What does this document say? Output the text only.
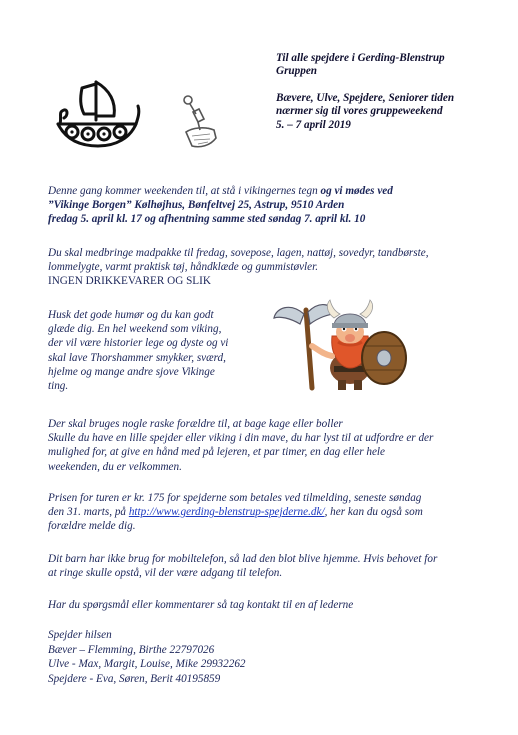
Til alle spejdere i Gerding-Blenstrup
Gruppen

Bævere, Ulve, Spejdere, Seniorer tiden
nærmer sig til vores gruppeweekend
5. – 7 april 2019

Denne gang kommer weekenden til, at stå i vikingernes tegn og vi mødes ved

”Vikinge Borgen” Kølhøjhus, Bønfeltvej 25, Astrup, 9510 Arden

fredag 5. april kl. 17 og afhentning samme sted søndag 7. april kl. 10

Du skal medbringe madpakke til fredag, sovepose, lagen, nattøj, sovedyr, tandbørste,

lommelygte, varmt praktisk tøj, håndklæde og gummistøvler.

INGEN DRIKKEVARER OG SLIK

Husk det gode humør og du kan godt

glæde dig. En hel weekend som viking,

der vil være historier lege og dyste og vi

skal lave Thorshammer smykker, sværd,

hjelme og mange andre sjove Vikinge

ting.

Der skal bruges nogle raske forældre til, at bage kage eller boller

Skulle du have en lille spejder eller viking i din mave, du har lyst til at udfordre er der

mulighed for, at give en hånd med på lejeren, et par timer, en dag eller hele

weekenden, du er velkommen.

Prisen for turen er kr. 175 for spejderne som betales ved tilmelding, seneste søndag

den 31. marts, på http://www.gerding-blenstrup-spejderne.dk/, her kan du også som

forældre melde dig.

Dit barn har ikke brug for mobiltelefon, så lad den blot blive hjemme. Hvis behovet for

at ringe skulle opstå, vil der være adgang til telefon.

Har du spørgsmål eller kommentarer så tag kontakt til en af lederne

Spejder hilsen

Bæver – Flemming, Birthe 22797026

Ulve - Max, Margit, Louise, Mike 29932262

Spejdere - Eva, Søren, Berit 40195859
